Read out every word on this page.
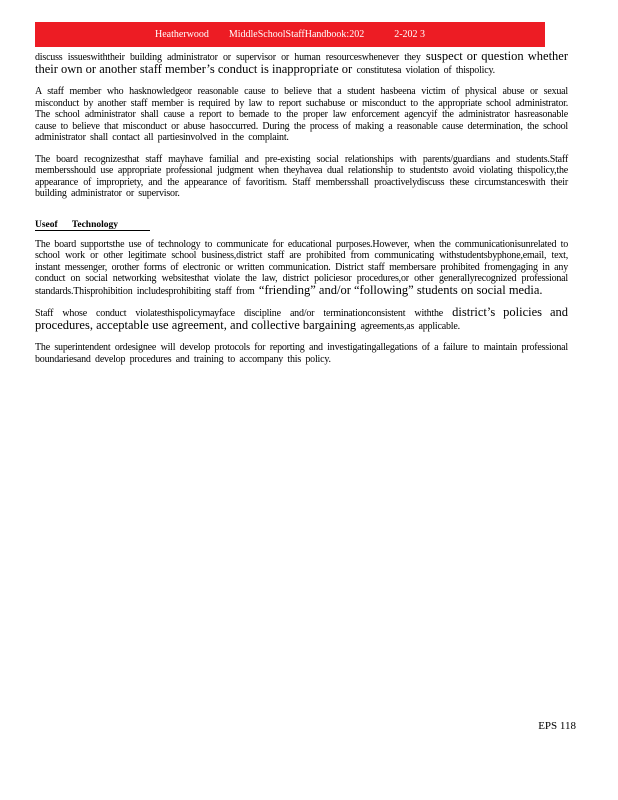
Heatherwood        MiddleSchoolStaffHandbook:202            2-202 3

discuss issueswiththeir building administrator or supervisor or human resourceswhenever they suspect or question whether their own or another staff member’s conduct is inappropriate or constitutesa violation of thispolicy.

A staff member who hasknowledgeor reasonable cause to believe that a student hasbeena victim of physical abuse or sexual misconduct by another staff member is required by law to report suchabuse or misconduct to the appropriate school administrator. The school administrator shall cause a report to bemade to the proper law enforcement agencyif the administrator hasreasonable cause to believe that misconduct or abuse hasoccurred. During the process of making a reasonable cause determination, the school administrator shall contact all partiesinvolved in the complaint.

The board recognizesthat staff mayhave familial and pre-existing social relationships with parents/guardians and students.Staff membersshould use appropriate professional judgment when theyhavea dual relationship to studentsto avoid violating thispolicy,the appearance of impropriety, and the appearance of favoritism. Staff membersshall proactivelydiscuss these circumstanceswith their building administrator or supervisor.

Useof Technology

The board supportsthe use of technology to communicate for educational purposes.However, when the communicationisunrelated to school work or other legitimate school business,district staff are prohibited from communicating withstudentsbyphone,email, text, instant messenger, orother forms of electronic or written communication. District staff membersare prohibited fromengaging in any conduct on social networking websitesthat violate the law, district policiesor procedures,or other generallyrecognized professional standards.Thisprohibition includesprohibiting staff from “friending” and/or “following” students on social media.

Staff whose conduct violatesthispolicymayface discipline and/or terminationconsistent withthe district’s policies and procedures, acceptable use agreement, and collective bargaining agreements,as applicable.

The superintendent ordesignee will develop protocols for reporting and investigatingallegations of a failure to maintain professional boundariesand develop procedures and training to accompany this policy.

EPS 118
